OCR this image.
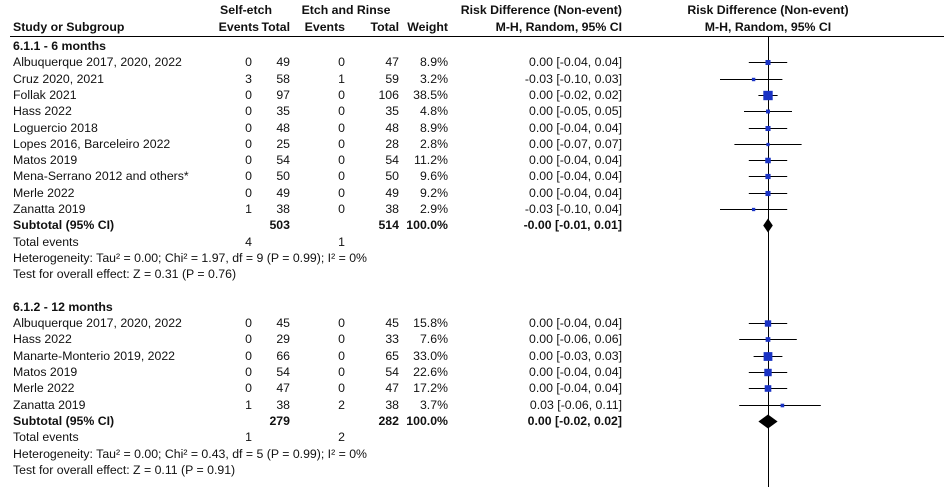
Self-etch	Etch and Rinse	Risk Difference (Non-event)	Risk Difference (Non-event)
Study or Subgroup	Events Total	Events	Total Weight	M-H, Random, 95% CI	M-H, Random, 95% CI
6.1.1 - 6 months
Albuquerque 2017, 2020, 2022	0	49	0	47	8.9%	0.00 [-0.04, 0.04]
Cruz 2020, 2021	3	58	1	59	3.2%	-0.03 [-0.10, 0.03]
Follak 2021	0	97	0	106	38.5%	0.00 [-0.02, 0.02]
Hass 2022	0	35	0	35	4.8%	0.00 [-0.05, 0.05]
Loguercio 2018	0	48	0	48	8.9%	0.00 [-0.04, 0.04]
Lopes 2016, Barceleiro 2022	0	25	0	28	2.8%	0.00 [-0.07, 0.07]
Matos 2019	0	54	0	54	11.2%	0.00 [-0.04, 0.04]
Mena-Serrano 2012 and others*	0	50	0	50	9.6%	0.00 [-0.04, 0.04]
Merle 2022	0	49	0	49	9.2%	0.00 [-0.04, 0.04]
Zanatta 2019	1	38	0	38	2.9%	-0.03 [-0.10, 0.04]
Subtotal (95% CI)	503	514 100.0%	-0.00 [-0.01, 0.01]
Total events	4	1
Heterogeneity: Tau² = 0.00; Chi² = 1.97, df = 9 (P = 0.99); I² = 0%
Test for overall effect: Z = 0.31 (P = 0.76)
6.1.2 - 12 months
Albuquerque 2017, 2020, 2022	0	45	0	45	15.8%	0.00 [-0.04, 0.04]
Hass 2022	0	29	0	33	7.6%	0.00 [-0.06, 0.06]
Manarte-Monterio 2019, 2022	0	66	0	65	33.0%	0.00 [-0.03, 0.03]
Matos 2019	0	54	0	54	22.6%	0.00 [-0.04, 0.04]
Merle 2022	0	47	0	47	17.2%	0.00 [-0.04, 0.04]
Zanatta 2019	1	38	2	38	3.7%	0.03 [-0.06, 0.11]
Subtotal (95% CI)	279	282 100.0%	0.00 [-0.02, 0.02]
Total events	1	2
Heterogeneity: Tau² = 0.00; Chi² = 0.43, df = 5 (P = 0.99); I² = 0%
Test for overall effect: Z = 0.11 (P = 0.91)
